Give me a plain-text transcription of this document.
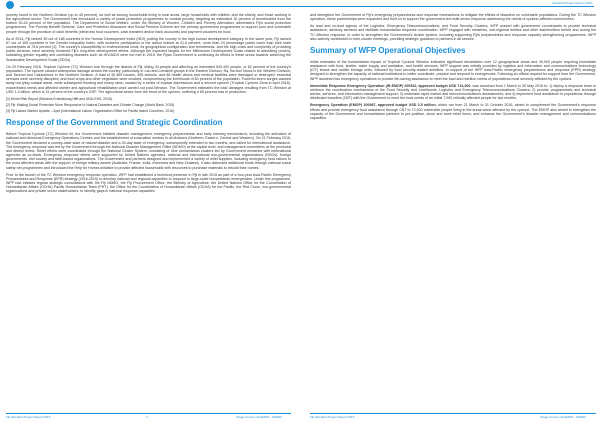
Standard Project Report 2016

poverty found in the Northern Division (up to 45 percent), as well as among households living in rural areas, large households with children and the elderly, and those working in the agricultural sector. The Government has introduced a variety of social protection programmes to combat poverty, targeting an estimated 10 percent of beneficiaries from the bottom 30-40 percent of the population. The Department of Social Welfare, under the Ministry of Women, Children and Poverty Alleviation, administers Fiji's social protection programmes. The Poverty Benefit Scheme, Care and Protection Allowance and Social Pension Scheme are the primary government programmes to support poor and vulnerable people through the provision of cash benefits (electronic food vouchers, cash transfers and/or bank accounts) and payment vouchers for food.

As of 2014, Fiji ranked 90 out of 188 countries in the Human Development Index (HDI), putting the country in the high human development category. In the same year, Fiji ranked 67 out of 155 countries in the Gender Inequality Index, with women's participation in the labour market at 41.6 percent, more than 24 percentage points lower than their male counterparts at 75.6 percent [2]. The country's susceptibility to environmental crisis, its geographical configuration and remoteness, and the high costs and complexity of providing public services, have severely hindered Fiji's long-term development efforts. Although the expected targets for the Millennium Development Goals related to alleviating poverty, subsisting gender equality and combating diseases such as HIV/AIDS were not met in 2015, the Fijian Government is continuing its efforts in these areas towards achieving the Sustainable Development Goals (SDGs).

On 20 February 2016, Tropical Cyclone (TC) Winston tore through the islands of Fiji, killing 44 people and affecting an estimated 540,400 people, or 62 percent of the country's population. The cyclone caused widespread damage across the country, particularly in Lau and Lomaiviti groups in the Eastern Division; Ra, Ba and Tavua in the Western Division; and Taveuni and Cakaudrove in the Northern Division. A total of 30,369 houses, 495 schools, and 88 health clinics and medical facilities were damaged or destroyed; essential services were severely disrupted; and food crops and other vegetation were crushed, compromising the livelihoods of 60 percent of the population. Powerful storm surges washed away low-lying coastal areas, while subsequent flooding and heavy rains, caused by a series of tropical depressions and a second cyclone (Tropical Cyclone Zena in April 2016), exacerbated needs and affected shelter and agricultural rehabilitation work carried out post-Winston. The Government estimates the total damages resulting from TC Winston at USD 1.4 billion, which is 31 percent of the country's GDP. The agricultural sector bore the brunt of the cyclone, suffering a 65 percent loss in production.

[1] World Risk Report (Bündnis Entwicklung Hilft and UNU-EHS, 2016)

[2] Fiji: Making Social Protection More Responsive to Natural Disasters and Climate Change (World Bank, 2015)

[3] Fiji Labour Market Update – April (International Labour Organization Office for Pacific Island Countries, 2016)

Response of the Government and Strategic Coordination

Before Tropical Cyclone (TC) Winston hit, the Government initiated disaster management, emergency preparedness and early warning mechanisms, including the activation of national and divisional Emergency Operations Centres and the establishment of evacuation centres in all divisions (Northern, Eastern, Central and Western). On 21 February 2016, the Government declared a country-wide state of natural disaster and a 30-day state of emergency, subsequently extended to two months, and called for international assistance. The emergency response was led by the Government through the National Disaster Management Office (NDMO) at the capital level, and management committees at the provincial and district levels. Relief efforts were coordinated through the National Cluster System, consisting of nine humanitarian clusters led by Government ministries with international agencies as co-leads. Emergency response efforts were supported by United Nations agencies, national and international non-governmental organizations (NGOs), foreign governments, civil society and faith-based organizations. The Government and partners designed and implemented a variety of relief supplies, including emergency food rations to the most affected areas with the support of foreign military assets (Australia, France, India, Indonesia and New Zealand). It also disbursed additional funds through national social safety net programmes and introduced the Help for Homes initiative to provide affected households with resources to purchase materials to rebuild their homes.

Prior to the launch of the TC Winston emergency response operation, WFP had established a technical presence in Fiji in late 2015 as part of a four-year Asia-Pacific Emergency Preparedness and Response (EPR) strategy (2016-2019) to develop national and regional capacities to respond to large-scale humanitarian emergencies. Under this programme, WFP had initiated regular strategic consultations with the Fiji NDMO, the Fiji Procurement Office, the Ministry of Agriculture, the United Nations Office for the Coordination of Humanitarian Affairs (OCHA) Pacific Humanitarian Team (PHT), the Office for the Coordination of Humanitarian Affairs (OCHA) for the Pacific, the Red Cross, non-governmental organizations and private sector stakeholders, to identify gaps in national response capacities

and strengthen the Government of Fiji's emergency preparedness and response mechanisms to mitigate the effects of disasters on vulnerable populations. During the TC Winston operation, these partnerships were expanded and built on to support the government-led multi-sector response addressing the needs of cyclone-affected communities.

As lead and co-lead agency of the Logistics, Emergency Telecommunications, and Food Security Clusters, WFP worked with government counterparts to provide technical assistance, advisory services and facilitate humanitarian response coordination. WFP engaged with ministries, sub-regional entities and other stakeholders before and during the TC Winston response, in order to strengthen the Government's cluster system, including supporting Fiji's preparedness and response capacity strengthening programmes. WFP also actively contributed to inter-cluster meetings, providing strategic guidance to partners in all sectors.

Summary of WFP Operational Objectives

Initial estimates of the humanitarian impact of Tropical Cyclone Winston indicated significant devastation over 12 geographical areas and 40,000 people requiring immediate assistance with food, shelter, water supply and sanitation, and health services. WFP support was initially provided by logistics and information and communications technology (ICT) teams and mobile storage units, followed by food security-related activities. In support of the WFP Asia-Pacific emergency preparedness and response (EPR) strategy, designed to strengthen the capacity of national institutions to better coordinate, prepare and respond to emergencies. Following an official request for support from the Government, WFP launched two emergency operations to provide life-saving assistance to meet the food and nutrition needs of populations most severely affected by the cyclone.

Immediate Response Emergency Operation (IR-EMOP) 200932, approved budget USD 714,300, was launched from 1 March to 30 May 2016 to: 1) deploy a response team to reinforce the coordination mechanisms of the Food Security and Livelihoods, Logistics and Emergency Telecommunications Clusters; 2) provide programmatic and technical advice, services, and information management support; 3) undertake rapid market and telecommunications assessments; and 4) implement food assistance to populations through distributed transfers (CBT) with the Government to meet the food needs of an initial 7,000 critically affected people for two months.

Emergency Operation (EMOP) 200987, approved budget USD 2.5 million, which ran from 21 March to 31 October 2016, aimed to complement the Government's response efforts and provide emergency food assistance through CBT to 72,000 vulnerable people living in the areas worst affected by the cyclone. The EMOP also aimed to strengthen the capacity of the Government and humanitarian partners to pre-position, stock and store relief items, and enhance the Government's disaster management and communications capacities.

Fiji Standard Project Report 2016	4	Single Country IR-EMOP - 200932	Fiji Standard Project Report 2016	Single Country IR-EMOP - 200932
